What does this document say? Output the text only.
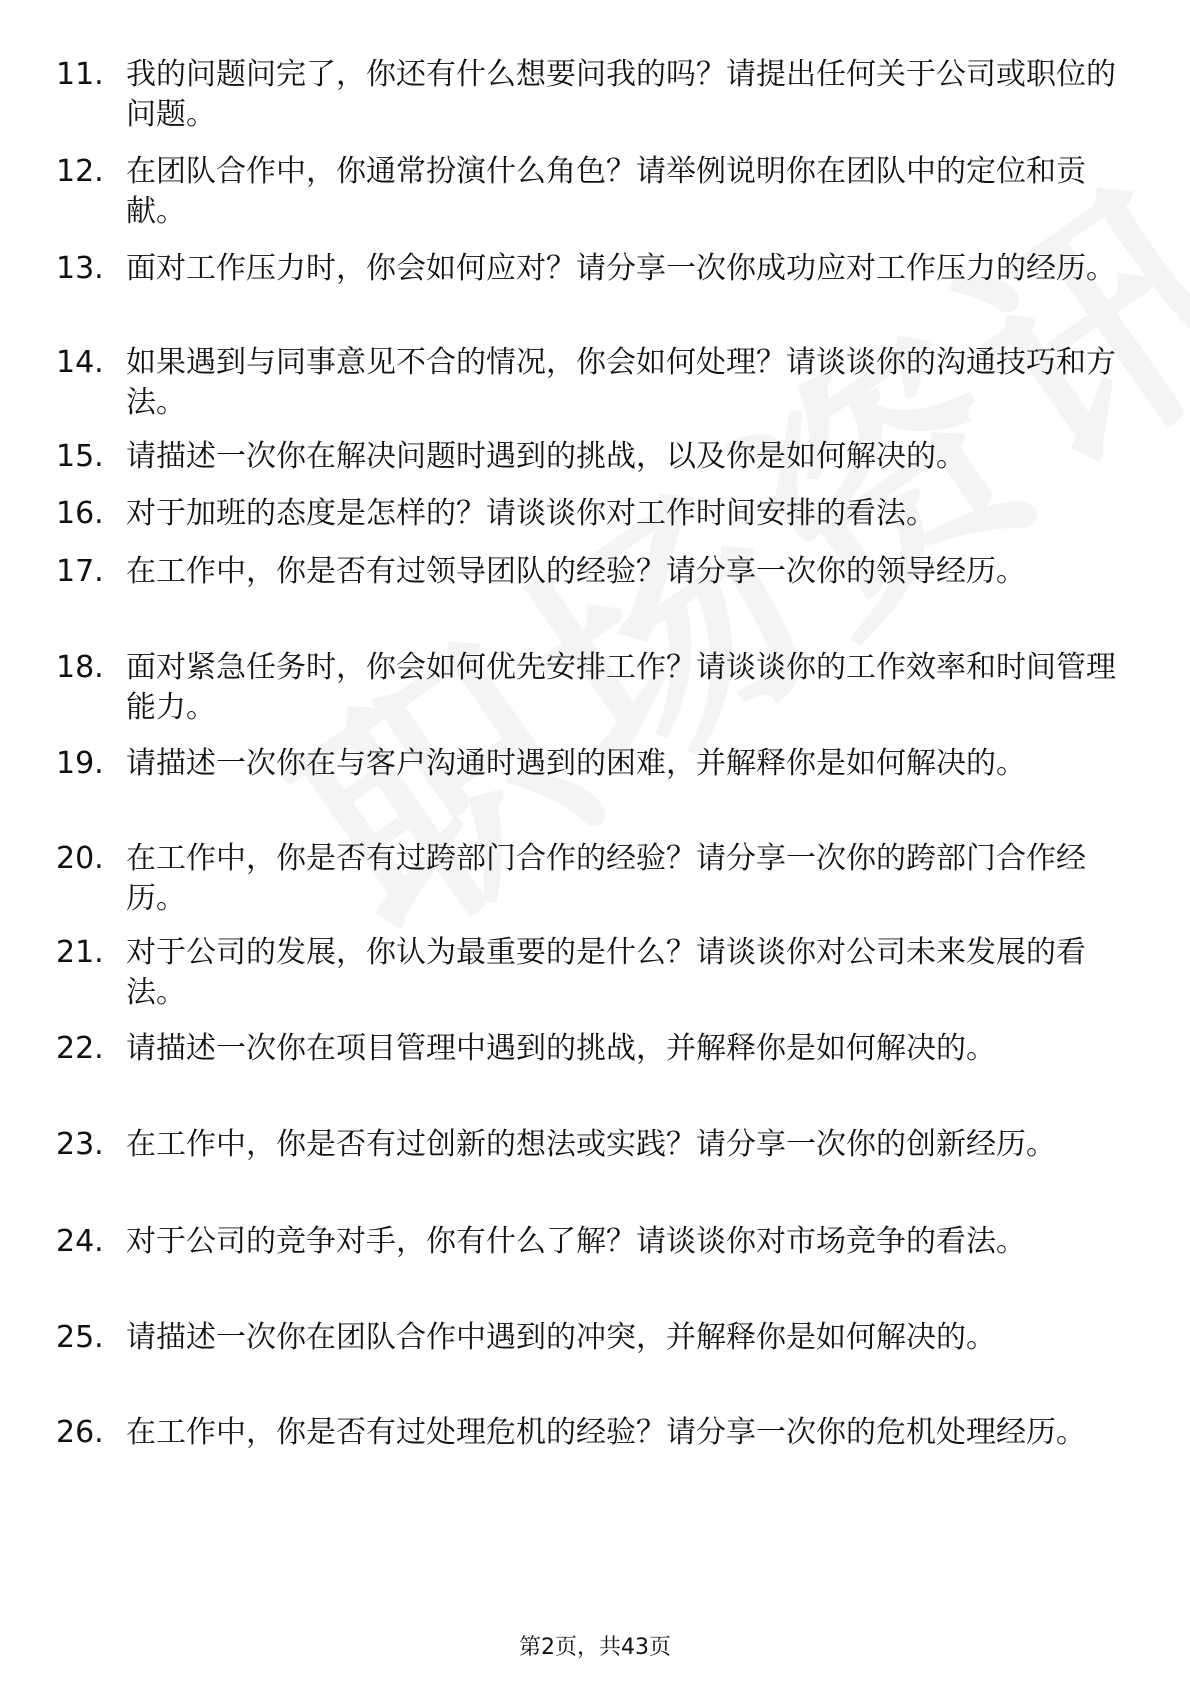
11. 我的问题问完了，你还有什么想要问我的吗？请提出任何关于公司或职位的问题。
12. 在团队合作中，你通常扮演什么角色？请举例说明你在团队中的定位和贡献。
13. 面对工作压力时，你会如何应对？请分享一次你成功应对工作压力的经历。
14. 如果遇到与同事意见不合的情况，你会如何处理？请谈谈你的沟通技巧和方法。
15. 请描述一次你在解决问题时遇到的挑战，以及你是如何解决的。
16. 对于加班的态度是怎样的？请谈谈你对工作时间安排的看法。
17. 在工作中，你是否有过领导团队的经验？请分享一次你的领导经历。
18. 面对紧急任务时，你会如何优先安排工作？请谈谈你的工作效率和时间管理能力。
19. 请描述一次你在与客户沟通时遇到的困难，并解释你是如何解决的。
20. 在工作中，你是否有过跨部门合作的经验？请分享一次你的跨部门合作经历。
21. 对于公司的发展，你认为最重要的是什么？请谈谈你对公司未来发展的看法。
22. 请描述一次你在项目管理中遇到的挑战，并解释你是如何解决的。
23. 在工作中，你是否有过创新的想法或实践？请分享一次你的创新经历。
24. 对于公司的竞争对手，你有什么了解？请谈谈你对市场竞争的看法。
25. 请描述一次你在团队合作中遇到的冲突，并解释你是如何解决的。
26. 在工作中，你是否有过处理危机的经验？请分享一次你的危机处理经历。
第2页，共43页
